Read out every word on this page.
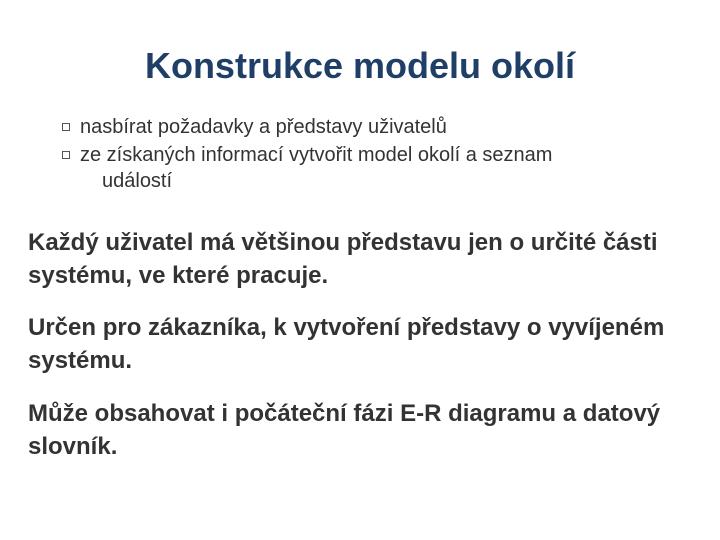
Konstrukce modelu okolí
nasbírat požadavky a představy uživatelů
ze získaných informací vytvořit model okolí a seznam
událostí

Každý uživatel má většinou představu jen o určité části systému, ve které pracuje.

Určen pro zákazníka, k vytvoření představy o vyvíjeném systému.

Může obsahovat i počáteční fázi E-R diagramu a datový slovník.
